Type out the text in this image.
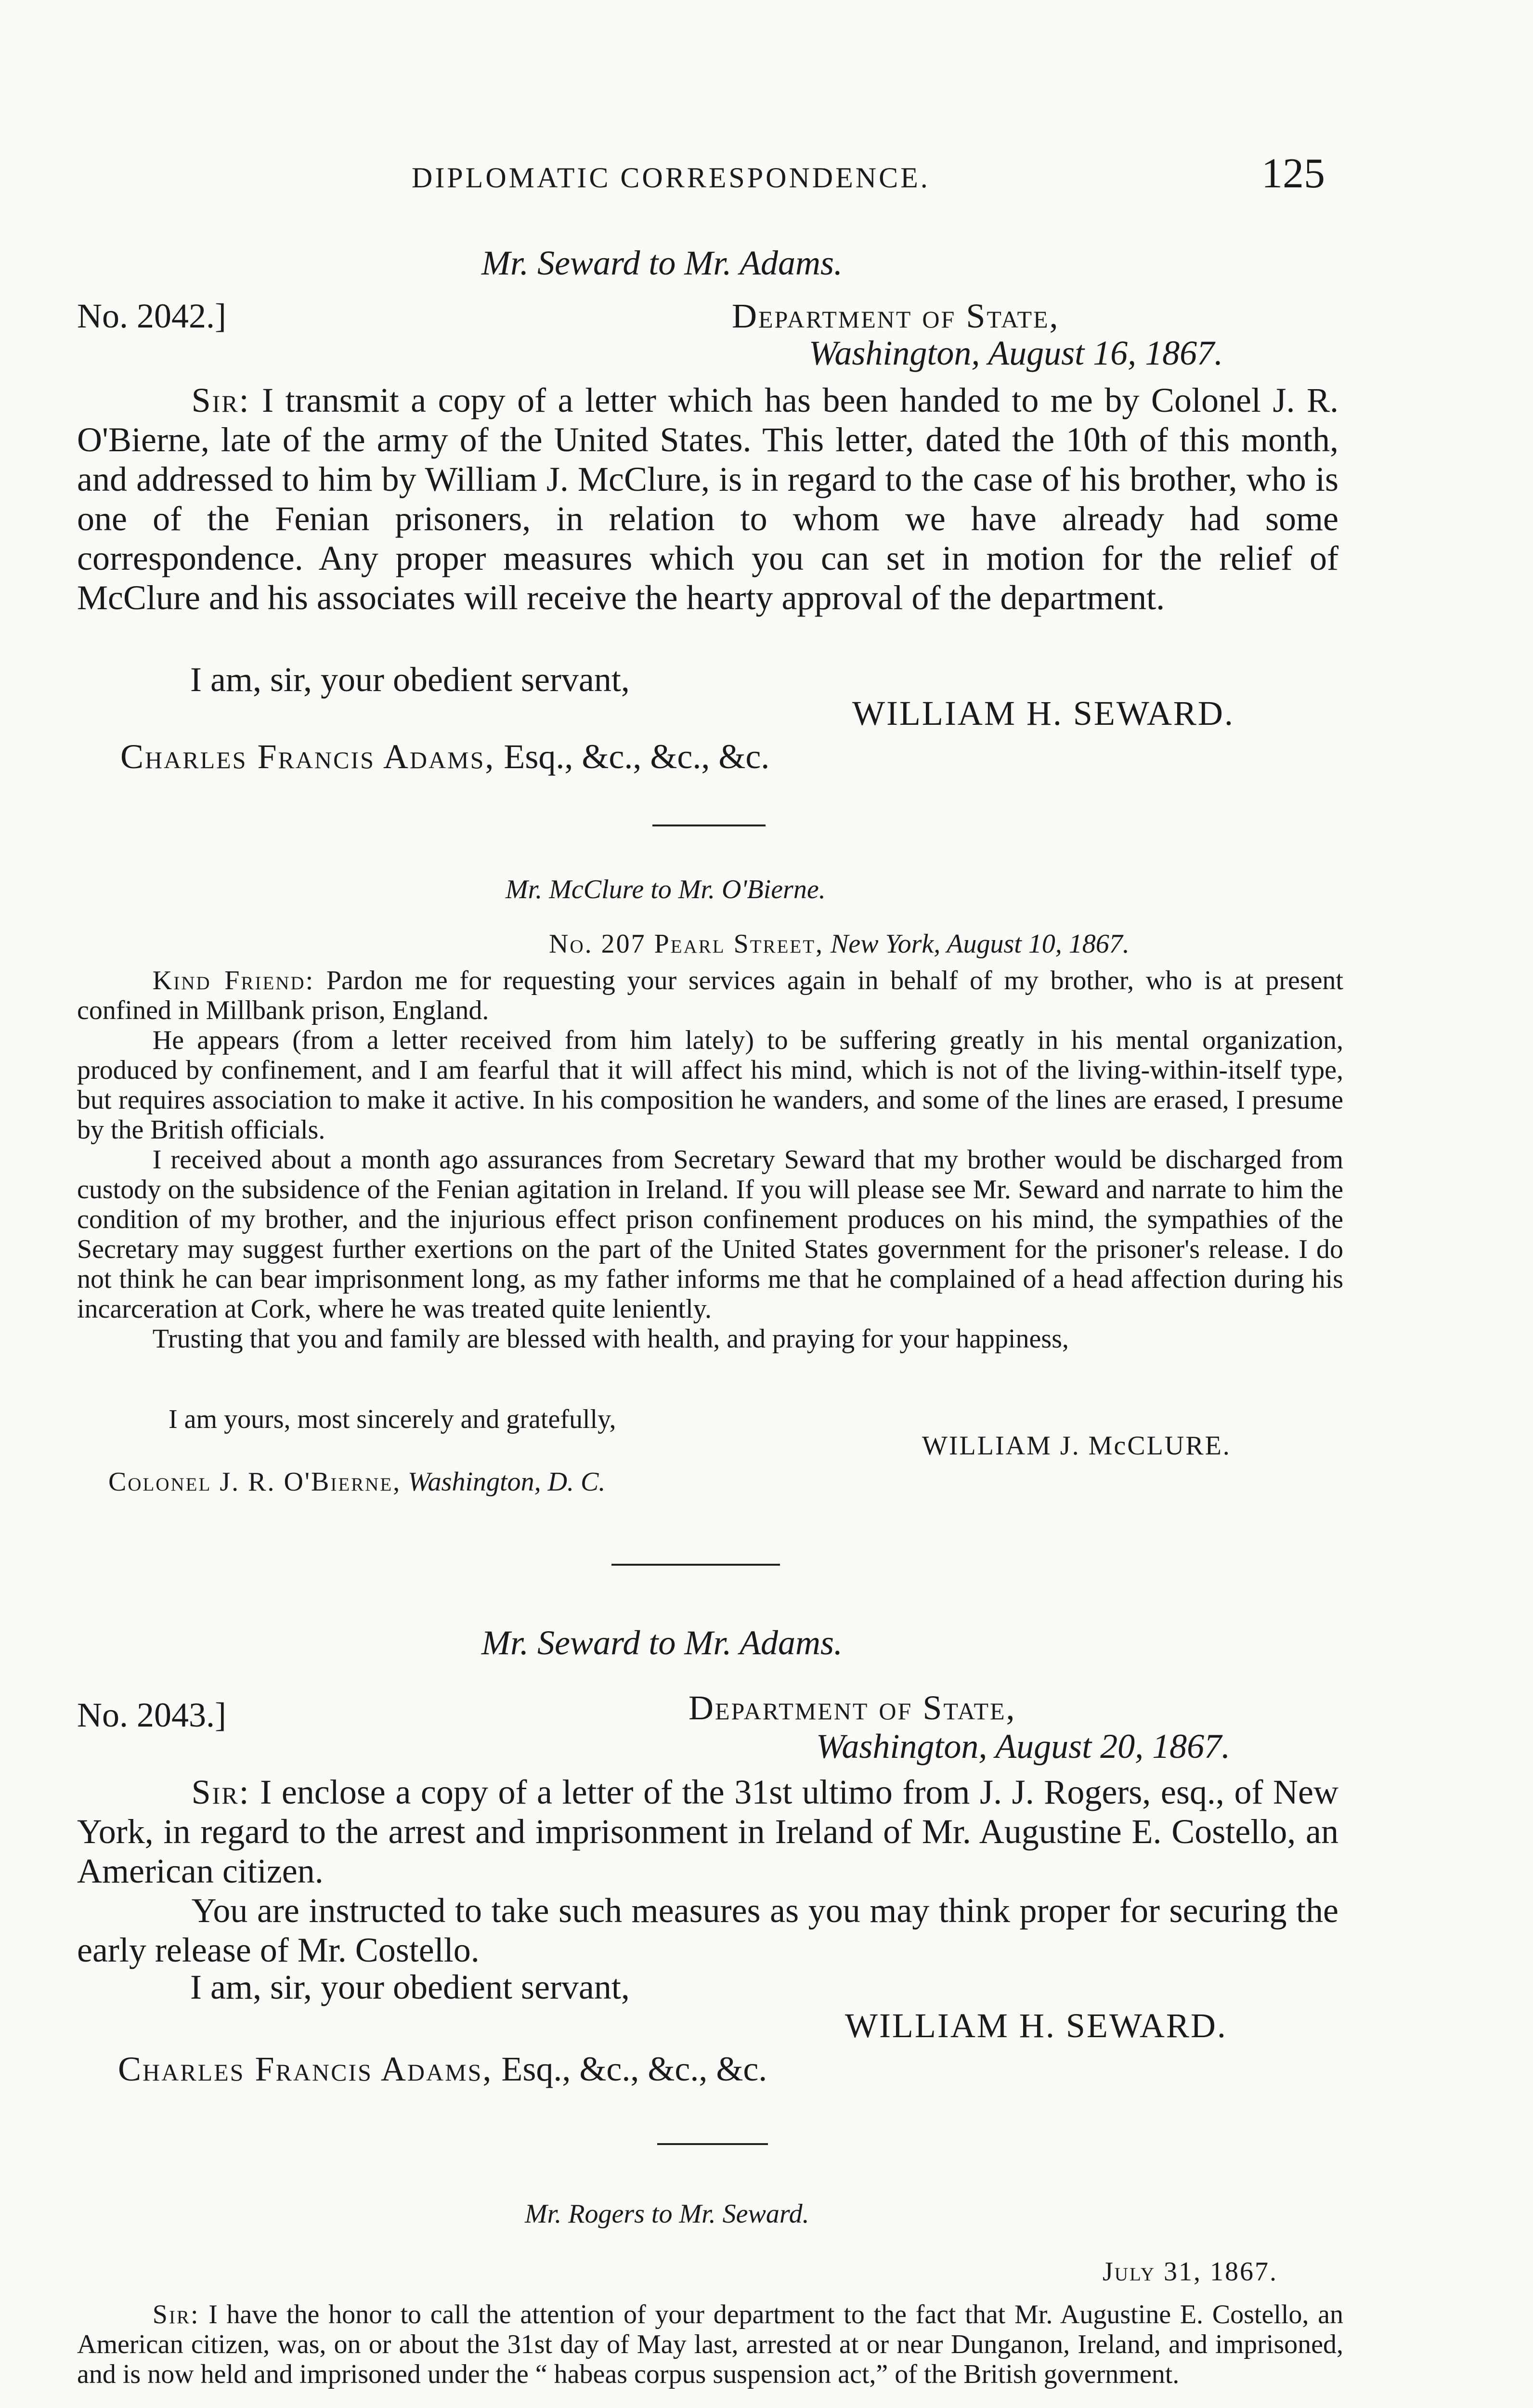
DIPLOMATIC CORRESPONDENCE.	125
Mr. Seward to Mr. Adams.
No. 2042.]	Department of State,
Washington, August 16, 1867.

Sir: I transmit a copy of a letter which has been handed to me by Colonel J. R. O'Bierne, late of the army of the United States. This letter, dated the 10th of this month, and addressed to him by William J. McClure, is in regard to the case of his brother, who is one of the Fenian prisoners, in relation to whom we have already had some correspondence. Any proper measures which you can set in motion for the relief of McClure and his associates will receive the hearty approval of the department.

I am, sir, your obedient servant,
WILLIAM H. SEWARD.
Charles Francis Adams, Esq., &c., &c., &c.
Mr. McClure to Mr. O'Bierne.
No. 207 Pearl Street, New York, August 10, 1867.

Kind Friend: Pardon me for requesting your services again in behalf of my brother, who is at present confined in Millbank prison, England.

He appears (from a letter received from him lately) to be suffering greatly in his mental organization, produced by confinement, and I am fearful that it will affect his mind, which is not of the living-within-itself type, but requires association to make it active. In his composition he wanders, and some of the lines are erased, I presume by the British officials.

I received about a month ago assurances from Secretary Seward that my brother would be discharged from custody on the subsidence of the Fenian agitation in Ireland. If you will please see Mr. Seward and narrate to him the condition of my brother, and the injurious effect prison confinement produces on his mind, the sympathies of the Secretary may suggest further exertions on the part of the United States government for the prisoner's release. I do not think he can bear imprisonment long, as my father informs me that he complained of a head affection during his incarceration at Cork, where he was treated quite leniently.

Trusting that you and family are blessed with health, and praying for your happiness,

I am yours, most sincerely and gratefully,
WILLIAM J. McCLURE.
Colonel J. R. O'Bierne, Washington, D. C.
Mr. Seward to Mr. Adams.
No. 2043.]	Department of State,
Washington, August 20, 1867.

Sir: I enclose a copy of a letter of the 31st ultimo from J. J. Rogers, esq., of New York, in regard to the arrest and imprisonment in Ireland of Mr. Augustine E. Costello, an American citizen.

You are instructed to take such measures as you may think proper for securing the early release of Mr. Costello.

I am, sir, your obedient servant,
WILLIAM H. SEWARD.
Charles Francis Adams, Esq., &c., &c., &c.
Mr. Rogers to Mr. Seward.
July 31, 1867.

Sir: I have the honor to call the attention of your department to the fact that Mr. Augustine E. Costello, an American citizen, was, on or about the 31st day of May last, arrested at or near Dunganon, Ireland, and imprisoned, and is now held and imprisoned under the “ habeas corpus suspension act,” of the British government.
